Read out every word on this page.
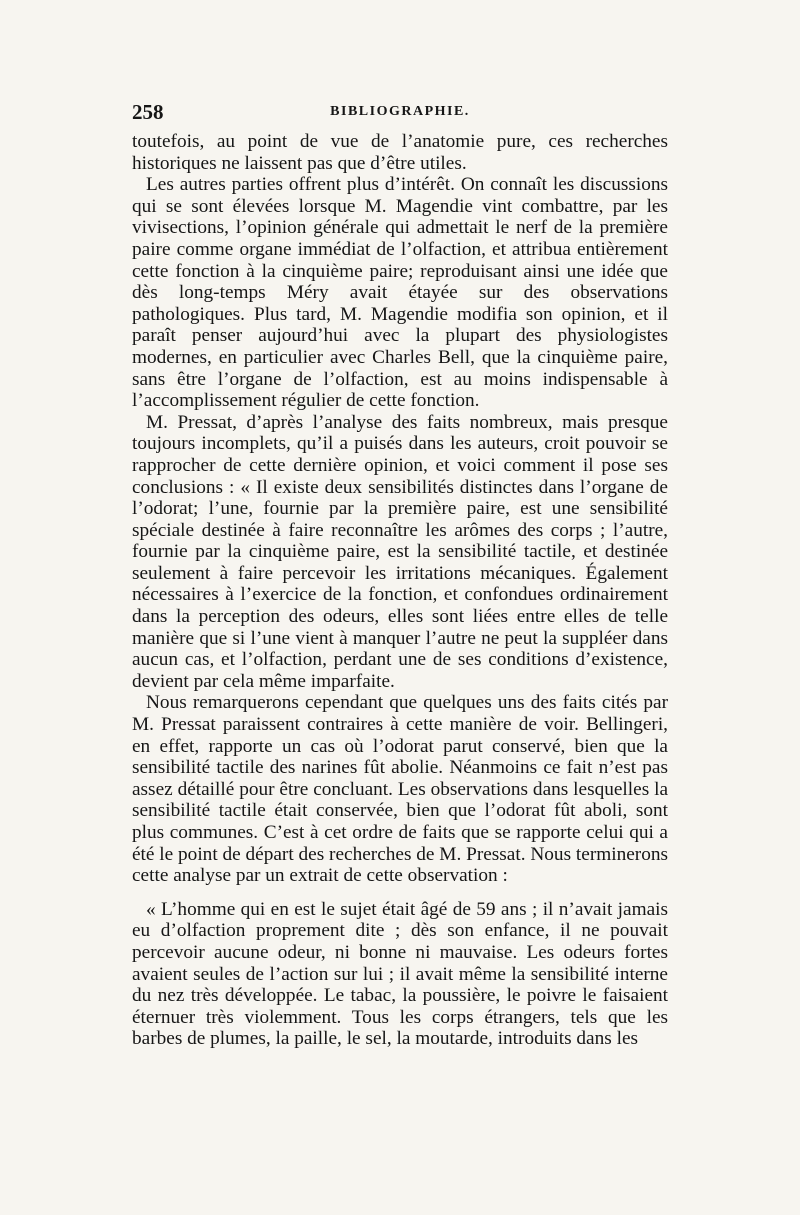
258	BIBLIOGRAPHIE.

toutefois, au point de vue de l’anatomie pure, ces recherches historiques ne laissent pas que d’être utiles.

Les autres parties offrent plus d’intérêt. On connaît les discussions qui se sont élevées lorsque M. Magendie vint combattre, par les vivisections, l’opinion générale qui admettait le nerf de la première paire comme organe immédiat de l’olfaction, et attribua entièrement cette fonction à la cinquième paire; reproduisant ainsi une idée que dès long-temps Méry avait étayée sur des observations pathologiques. Plus tard, M. Magendie modifia son opinion, et il paraît penser aujourd’hui avec la plupart des physiologistes modernes, en particulier avec Charles Bell, que la cinquième paire, sans être l’organe de l’olfaction, est au moins indispensable à l’accomplissement régulier de cette fonction.

M. Pressat, d’après l’analyse des faits nombreux, mais presque toujours incomplets, qu’il a puisés dans les auteurs, croit pouvoir se rapprocher de cette dernière opinion, et voici comment il pose ses conclusions : « Il existe deux sensibilités distinctes dans l’organe de l’odorat; l’une, fournie par la première paire, est une sensibilité spéciale destinée à faire reconnaître les arômes des corps ; l’autre, fournie par la cinquième paire, est la sensibilité tactile, et destinée seulement à faire percevoir les irritations mécaniques. Également nécessaires à l’exercice de la fonction, et confondues ordinairement dans la perception des odeurs, elles sont liées entre elles de telle manière que si l’une vient à manquer l’autre ne peut la suppléer dans aucun cas, et l’olfaction, perdant une de ses conditions d’existence, devient par cela même imparfaite.

Nous remarquerons cependant que quelques uns des faits cités par M. Pressat paraissent contraires à cette manière de voir. Bellingeri, en effet, rapporte un cas où l’odorat parut conservé, bien que la sensibilité tactile des narines fût abolie. Néanmoins ce fait n’est pas assez détaillé pour être concluant. Les observations dans lesquelles la sensibilité tactile était conservée, bien que l’odorat fût aboli, sont plus communes. C’est à cet ordre de faits que se rapporte celui qui a été le point de départ des recherches de M. Pressat. Nous terminerons cette analyse par un extrait de cette observation :

« L’homme qui en est le sujet était âgé de 59 ans ; il n’avait jamais eu d’olfaction proprement dite ; dès son enfance, il ne pouvait percevoir aucune odeur, ni bonne ni mauvaise. Les odeurs fortes avaient seules de l’action sur lui ; il avait même la sensibilité interne du nez très développée. Le tabac, la poussière, le poivre le faisaient éternuer très violemment. Tous les corps étrangers, tels que les barbes de plumes, la paille, le sel, la moutarde, introduits dans les
